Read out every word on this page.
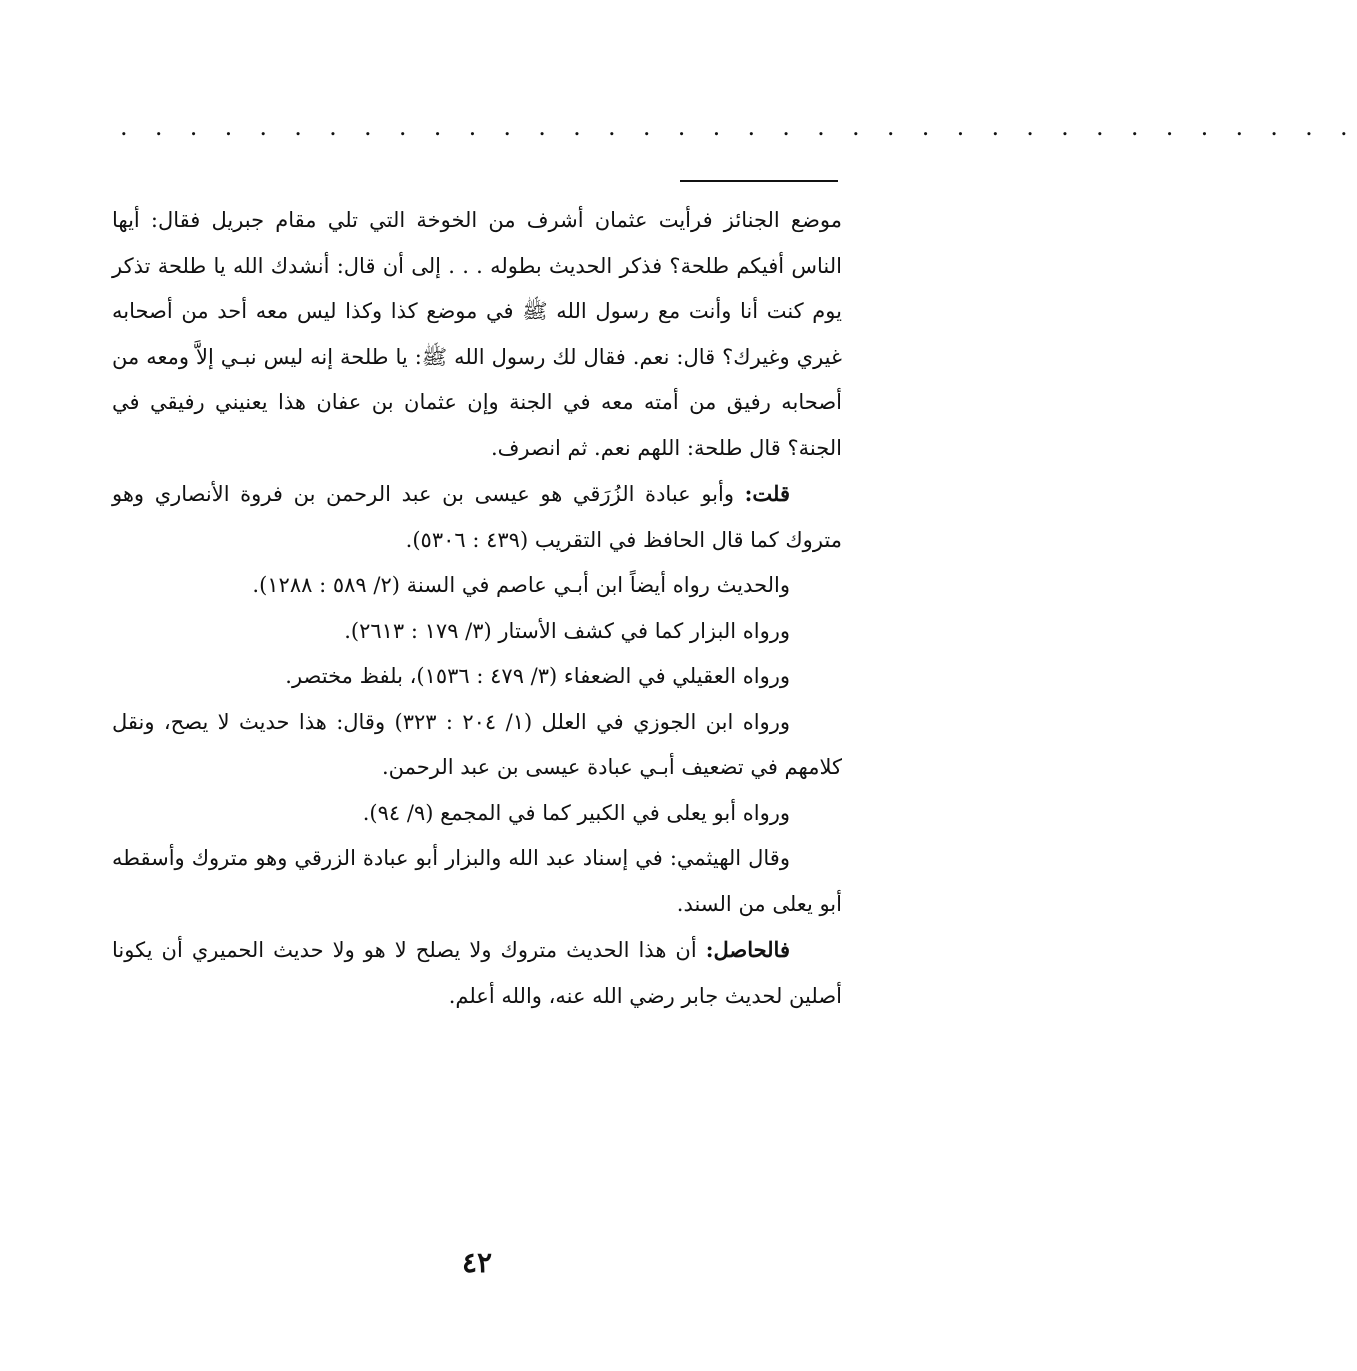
. . . . . . . . . . . . . . . . . . . . . . . . . . . . . . . . . . . .

موضع الجنائز فرأيت عثمان أشرف من الخوخة التي تلي مقام جبريل فقال: أيها الناس أفيكم طلحة؟ فذكر الحديث بطوله . . . إلى أن قال: أنشدك الله يا طلحة تذكر يوم كنت أنا وأنت مع رسول الله ﷺ في موضع كذا وكذا ليس معه أحد من أصحابه غيري وغيرك؟ قال: نعم. فقال لك رسول الله ﷺ: يا طلحة إنه ليس نبـي إلاَّ ومعه من أصحابه رفيق من أمته معه في الجنة وإن عثمان بن عفان هذا يعنيني رفيقي في الجنة؟ قال طلحة: اللهم نعم. ثم انصرف.

قلت: وأبو عبادة الزُرَقي هو عيسى بن عبد الرحمن بن فروة الأنصاري وهو متروك كما قال الحافظ في التقريب (٤٣٩ : ٥٣٠٦).

والحديث رواه أيضاً ابن أبـي عاصم في السنة (٢/ ٥٨٩ : ١٢٨٨).

ورواه البزار كما في كشف الأستار (٣/ ١٧٩ : ٢٦١٣).

ورواه العقيلي في الضعفاء (٣/ ٤٧٩ : ١٥٣٦)، بلفظ مختصر.

ورواه ابن الجوزي في العلل (١/ ٢٠٤ : ٣٢٣) وقال: هذا حديث لا يصح، ونقل كلامهم في تضعيف أبـي عبادة عيسى بن عبد الرحمن.

ورواه أبو يعلى في الكبير كما في المجمع (٩/ ٩٤).

وقال الهيثمي: في إسناد عبد الله والبزار أبو عبادة الزرقي وهو متروك وأسقطه أبو يعلى من السند.

فالحاصل: أن هذا الحديث متروك ولا يصلح لا هو ولا حديث الحميري أن يكونا أصلين لحديث جابر رضي الله عنه، والله أعلم.

٤٢
